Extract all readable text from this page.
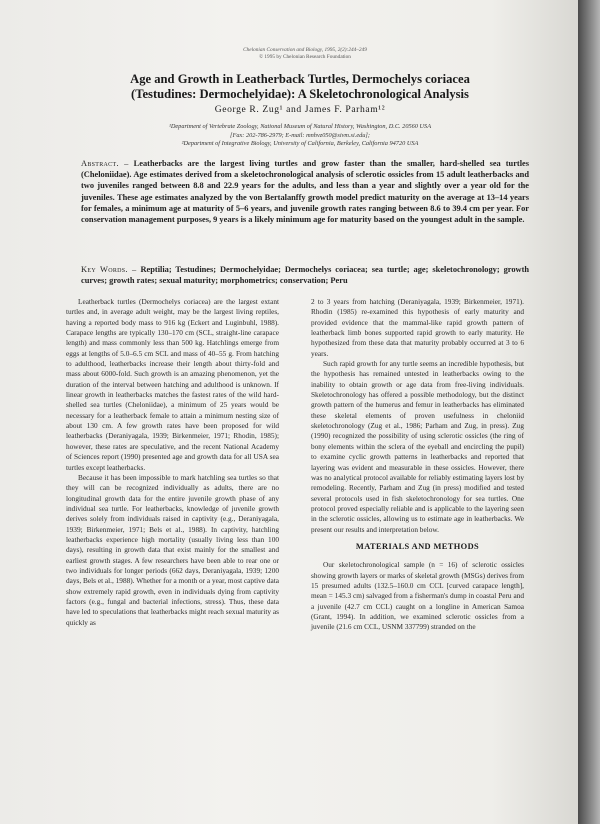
Chelonian Conservation and Biology, 1995, 2(2):244–249
© 1995 by Chelonian Research Foundation
Age and Growth in Leatherback Turtles, Dermochelys coriacea
(Testudines: Dermochelyidae): A Skeletochronological Analysis
George R. Zug¹ and James F. Parham¹²
¹Department of Vertebrate Zoology, National Museum of Natural History, Washington, D.C. 20560 USA
[Fax: 202-786-2979; E-mail: mnhvz050@sivm.si.edu];
²Department of Integrative Biology, University of California, Berkeley, California 94720 USA
Abstract. – Leatherbacks are the largest living turtles and grow faster than the smaller, hard-shelled sea turtles (Cheloniidae). Age estimates derived from a skeletochronological analysis of sclerotic ossicles from 15 adult leatherbacks and two juveniles ranged between 8.8 and 22.9 years for the adults, and less than a year and slightly over a year old for the juveniles. These age estimates analyzed by the von Bertalanffy growth model predict maturity on the average at 13–14 years for females, a minimum age at maturity of 5–6 years, and juvenile growth rates ranging between 8.6 to 39.4 cm per year. For conservation management purposes, 9 years is a likely minimum age for maturity based on the youngest adult in the sample.
Key Words. – Reptilia; Testudines; Dermochelyidae; Dermochelys coriacea; sea turtle; age; skeletochronology; growth curves; growth rates; sexual maturity; morphometrics; conservation; Peru

Leatherback turtles (Dermochelys coriacea) are the largest extant turtles and, in average adult weight, may be the largest living reptiles, having a reported body mass to 916 kg (Eckert and Luginbuhl, 1988). Carapace lengths are typically 130–170 cm (SCL, straight-line carapace length) and mass commonly less than 500 kg. Hatchlings emerge from eggs at lengths of 5.0–6.5 cm SCL and mass of 40–55 g. From hatching to adulthood, leatherbacks increase their length about thirty-fold and mass about 6000-fold. Such growth is an amazing phenomenon, yet the duration of the interval between hatching and adulthood is unknown. If linear growth in leatherbacks matches the fastest rates of the wild hard-shelled sea turtles (Cheloniidae), a minimum of 25 years would be necessary for a leatherback female to attain a minimum nesting size of about 130 cm. A few growth rates have been proposed for wild leatherbacks (Deraniyagala, 1939; Birkenmeier, 1971; Rhodin, 1985); however, these rates are speculative, and the recent National Academy of Sciences report (1990) presented age and growth data for all USA sea turtles except leatherbacks.

Because it has been impossible to mark hatchling sea turtles so that they will can be recognized individually as adults, there are no longitudinal growth data for the entire juvenile growth phase of any individual sea turtle. For leatherbacks, knowledge of juvenile growth derives solely from individuals raised in captivity (e.g., Deraniyagala, 1939; Birkenmeier, 1971; Bels et al., 1988). In captivity, hatchling leatherbacks experience high mortality (usually living less than 100 days), resulting in growth data that exist mainly for the smallest and earliest growth stages. A few researchers have been able to rear one or two individuals for longer periods (662 days, Deraniyagala, 1939; 1200 days, Bels et al., 1988). Whether for a month or a year, most captive data show extremely rapid growth, even in individuals dying from captivity factors (e.g., fungal and bacterial infections, stress). Thus, these data have led to speculations that leatherbacks might reach sexual maturity as quickly as

2 to 3 years from hatching (Deraniyagala, 1939; Birkenmeier, 1971). Rhodin (1985) re-examined this hypothesis of early maturity and provided evidence that the mammal-like rapid growth pattern of leatherback limb bones supported rapid growth to early maturity. He hypothesized from these data that maturity probably occurred at 3 to 6 years.

Such rapid growth for any turtle seems an incredible hypothesis, but the hypothesis has remained untested in leatherbacks owing to the inability to obtain growth or age data from free-living individuals. Skeletochronology has offered a possible methodology, but the distinct growth pattern of the humerus and femur in leatherbacks has eliminated these skeletal elements of proven usefulness in cheloniid skeletochronology (Zug et al., 1986; Parham and Zug, in press). Zug (1990) recognized the possibility of using sclerotic ossicles (the ring of bony elements within the sclera of the eyeball and encircling the pupil) to examine cyclic growth patterns in leatherbacks and reported that layering was evident and measurable in these ossicles. However, there was no analytical protocol available for reliably estimating layers lost by remodeling. Recently, Parham and Zug (in press) modified and tested several protocols used in fish skeletochronology for sea turtles. One protocol proved especially reliable and is applicable to the layering seen in the sclerotic ossicles, allowing us to estimate age in leatherbacks. We present our results and interpretation below.

MATERIALS AND METHODS

Our skeletochronological sample (n = 16) of sclerotic ossicles showing growth layers or marks of skeletal growth (MSGs) derives from 15 presumed adults (132.5–160.0 cm CCL [curved carapace length], mean = 145.3 cm) salvaged from a fisherman's dump in coastal Peru and a juvenile (42.7 cm CCL) caught on a longline in American Samoa (Grant, 1994). In addition, we examined sclerotic ossicles from a juvenile (21.6 cm CCL, USNM 337799) stranded on the
